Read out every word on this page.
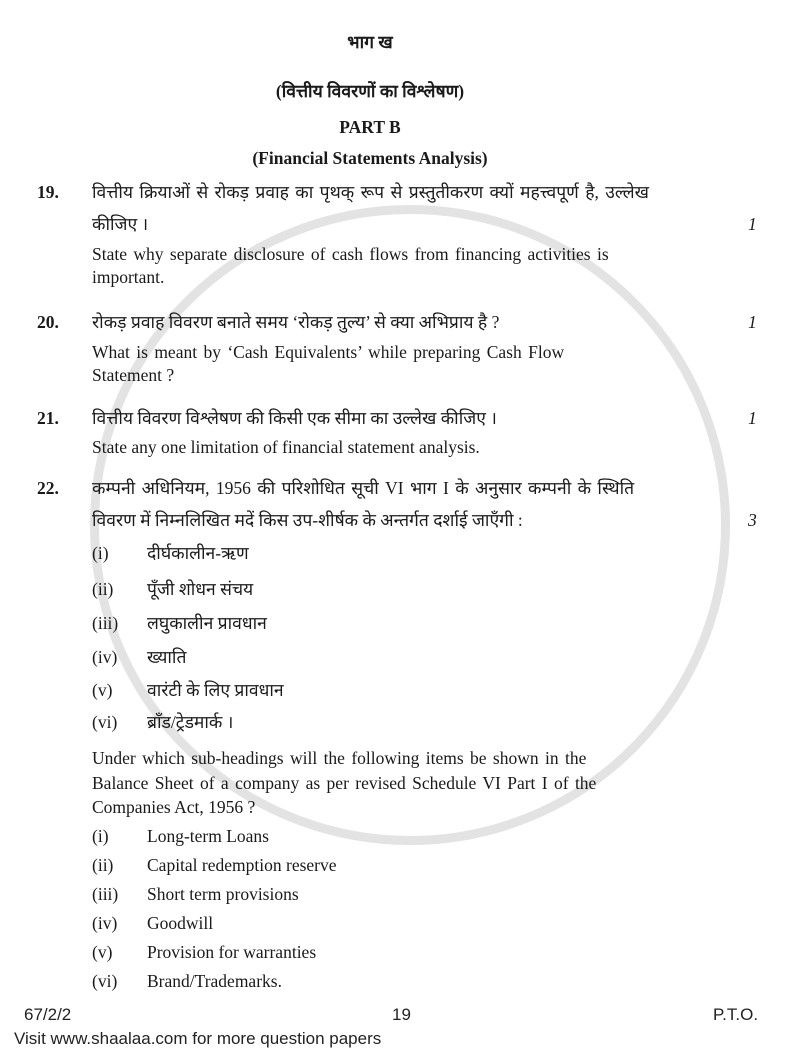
भाग ख
(वित्तीय विवरणों का विश्लेषण)
PART B
(Financial Statements Analysis)
19. वित्तीय क्रियाओं से रोकड़ प्रवाह का पृथक् रूप से प्रस्तुतीकरण क्यों महत्त्वपूर्ण है, उल्लेख
कीजिए ।	1
State why separate disclosure of cash flows from financing activities is
important.
20. रोकड़ प्रवाह विवरण बनाते समय ‘रोकड़ तुल्य’ से क्या अभिप्राय है ?	1
What is meant by ‘Cash Equivalents’ while preparing Cash Flow
Statement ?
21. वित्तीय विवरण विश्लेषण की किसी एक सीमा का उल्लेख कीजिए ।	1
State any one limitation of financial statement analysis.
22. कम्पनी अधिनियम, 1956 की परिशोधित सूची VI भाग I के अनुसार कम्पनी के स्थिति
विवरण में निम्नलिखित मदें किस उप-शीर्षक के अन्तर्गत दर्शाई जाएँगी :	3
(i) दीर्घकालीन-ऋण
(ii) पूँजी शोधन संचय
(iii) लघुकालीन प्रावधान
(iv) ख्याति
(v) वारंटी के लिए प्रावधान
(vi) ब्राँड/ट्रेडमार्क ।
Under which sub-headings will the following items be shown in the
Balance Sheet of a company as per revised Schedule VI Part I of the
Companies Act, 1956 ?
(i) Long-term Loans
(ii) Capital redemption reserve
(iii) Short term provisions
(iv) Goodwill
(v) Provision for warranties
(vi) Brand/Trademarks.
67/2/2	19	P.T.O.
Visit www.shaalaa.com for more question papers
